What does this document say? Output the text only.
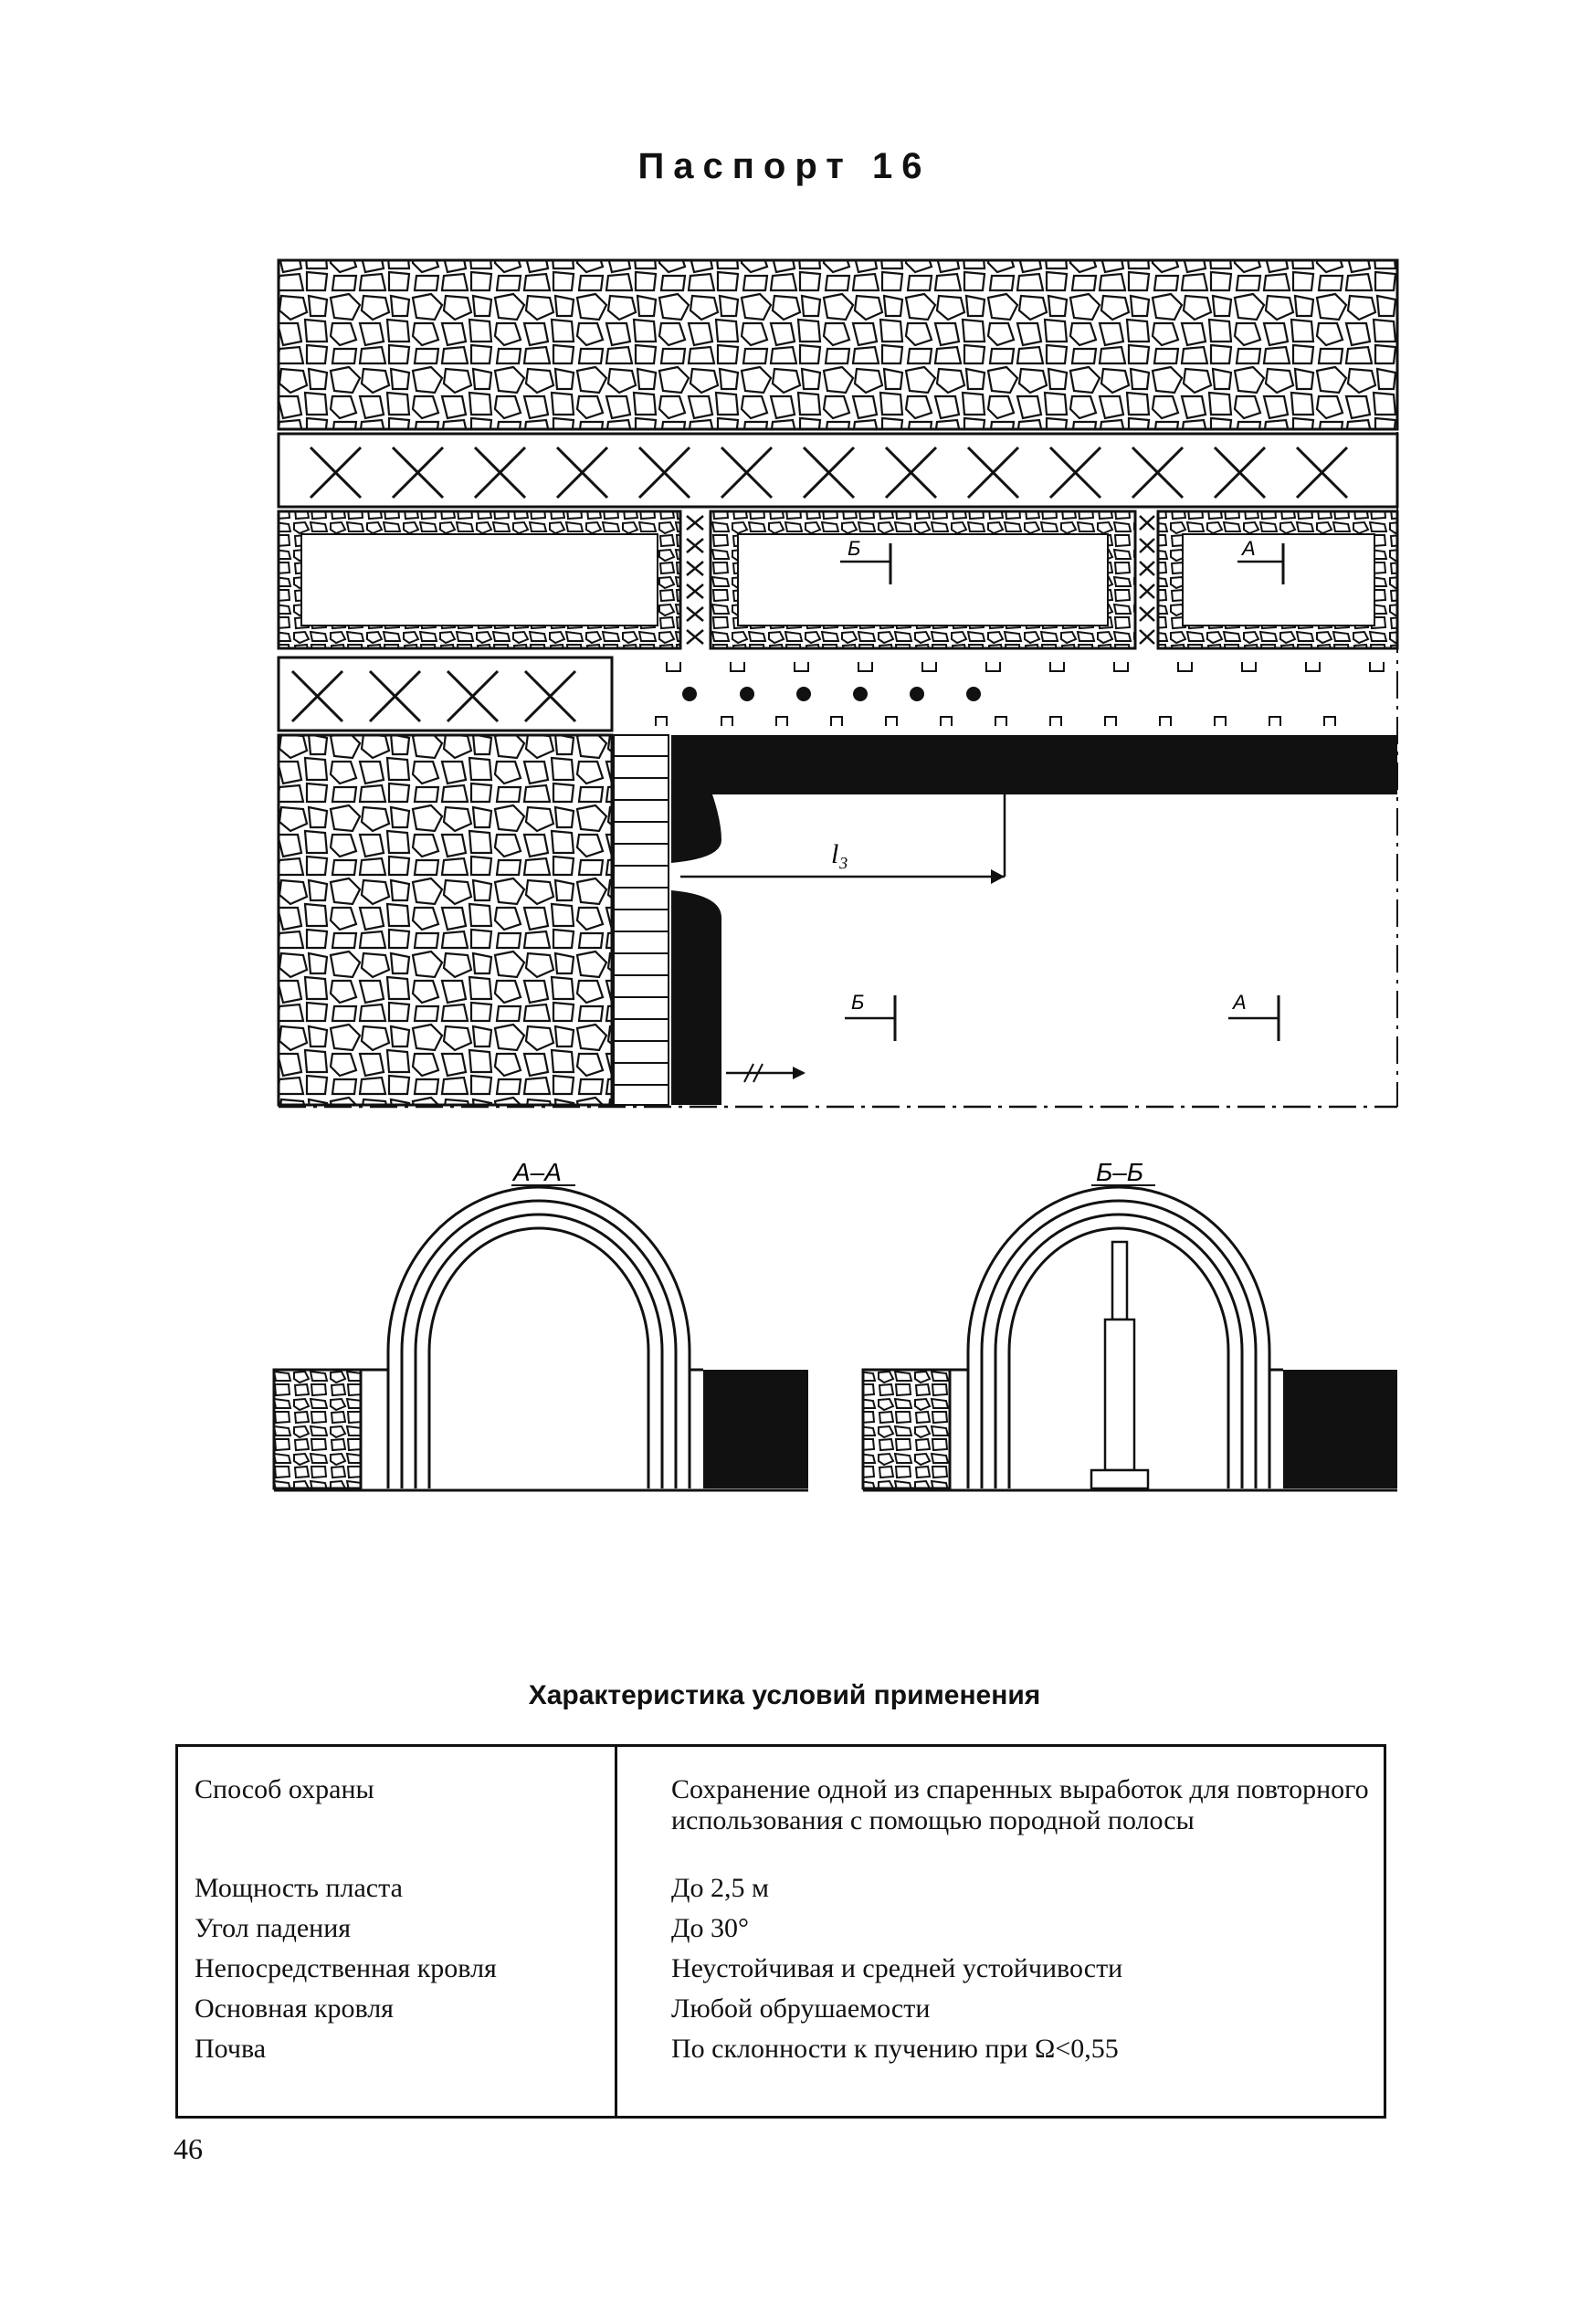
Паспорт 16
l₃
Б	А
Б	А
А–А	Б–Б
Характеристика условий применения
Способ охраны	Сохранение одной из спаренных выработок для повторного использования с помощью породной полосы
Мощность пласта	До 2,5 м
Угол падения	До 30°
Непосредственная кровля	Неустойчивая и средней устойчивости
Основная кровля	Любой обрушаемости
Почва	По склонности к пучению при Ω<0,55
46
